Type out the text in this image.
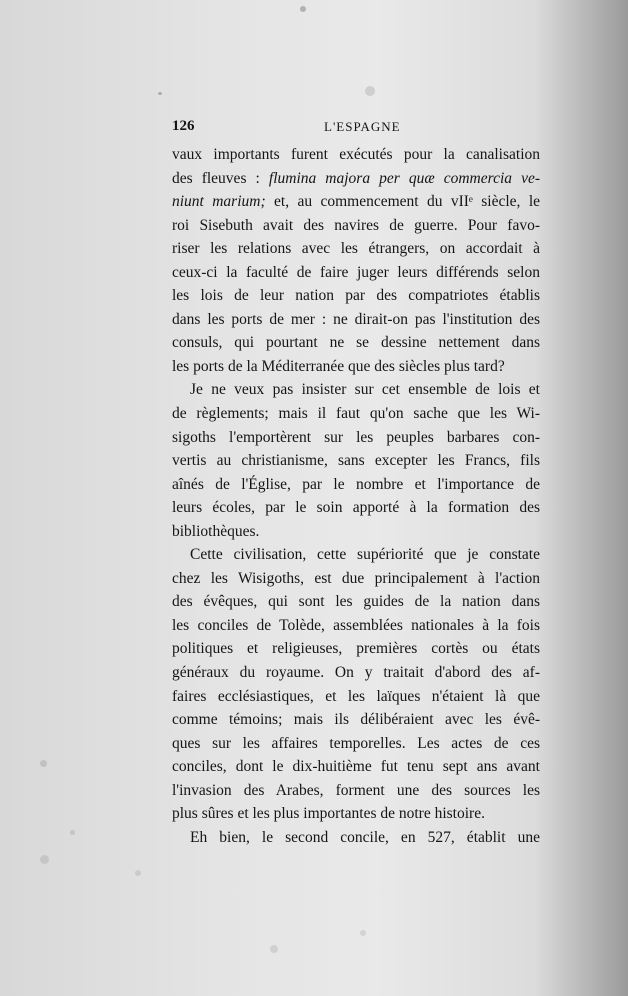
126	L'ESPAGNE
vaux importants furent exécutés pour la canalisation
des fleuves : flumina majora per quæ commercia ve-
niunt marium; et, au commencement du vIIᵉ siècle, le
roi Sisebuth avait des navires de guerre. Pour favo-
riser les relations avec les étrangers, on accordait à
ceux-ci la faculté de faire juger leurs différends selon
les lois de leur nation par des compatriotes établis
dans les ports de mer : ne dirait-on pas l'institution des
consuls, qui pourtant ne se dessine nettement dans
les ports de la Méditerranée que des siècles plus tard?
Je ne veux pas insister sur cet ensemble de lois et
de règlements; mais il faut qu'on sache que les Wi-
sigoths l'emportèrent sur les peuples barbares con-
vertis au christianisme, sans excepter les Francs, fils
aînés de l'Église, par le nombre et l'importance de
leurs écoles, par le soin apporté à la formation des
bibliothèques.
Cette civilisation, cette supériorité que je constate
chez les Wisigoths, est due principalement à l'action
des évêques, qui sont les guides de la nation dans
les conciles de Tolède, assemblées nationales à la fois
politiques et religieuses, premières cortès ou états
généraux du royaume. On y traitait d'abord des af-
faires ecclésiastiques, et les laïques n'étaient là que
comme témoins; mais ils délibéraient avec les évê-
ques sur les affaires temporelles. Les actes de ces
conciles, dont le dix-huitième fut tenu sept ans avant
l'invasion des Arabes, forment une des sources les
plus sûres et les plus importantes de notre histoire.
Eh bien, le second concile, en 527, établit une
